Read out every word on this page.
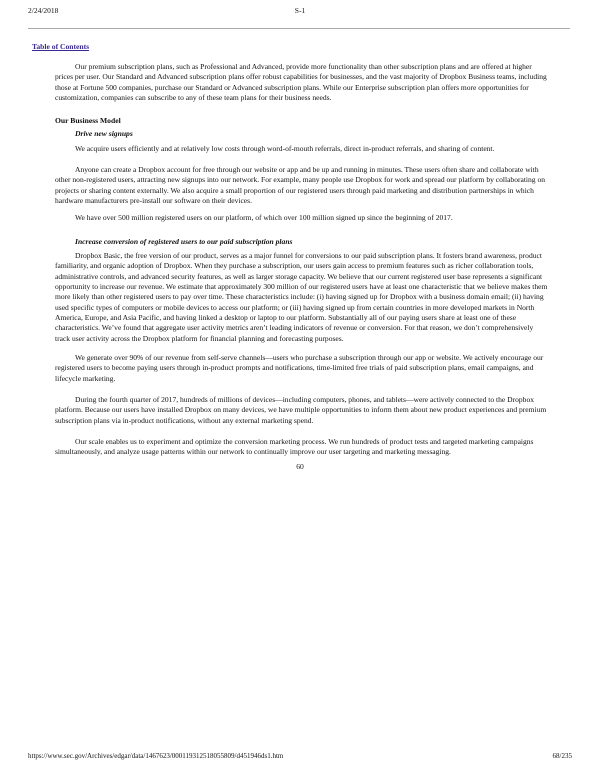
2/24/2018	S-1
Table of Contents
Our premium subscription plans, such as Professional and Advanced, provide more functionality than other subscription plans and are offered at higher prices per user. Our Standard and Advanced subscription plans offer robust capabilities for businesses, and the vast majority of Dropbox Business teams, including those at Fortune 500 companies, purchase our Standard or Advanced subscription plans. While our Enterprise subscription plan offers more opportunities for customization, companies can subscribe to any of these team plans for their business needs.
Our Business Model
Drive new signups
We acquire users efficiently and at relatively low costs through word-of-mouth referrals, direct in-product referrals, and sharing of content.
Anyone can create a Dropbox account for free through our website or app and be up and running in minutes. These users often share and collaborate with other non-registered users, attracting new signups into our network. For example, many people use Dropbox for work and spread our platform by collaborating on projects or sharing content externally. We also acquire a small proportion of our registered users through paid marketing and distribution partnerships in which hardware manufacturers pre-install our software on their devices.
We have over 500 million registered users on our platform, of which over 100 million signed up since the beginning of 2017.
Increase conversion of registered users to our paid subscription plans
Dropbox Basic, the free version of our product, serves as a major funnel for conversions to our paid subscription plans. It fosters brand awareness, product familiarity, and organic adoption of Dropbox. When they purchase a subscription, our users gain access to premium features such as richer collaboration tools, administrative controls, and advanced security features, as well as larger storage capacity. We believe that our current registered user base represents a significant opportunity to increase our revenue. We estimate that approximately 300 million of our registered users have at least one characteristic that we believe makes them more likely than other registered users to pay over time. These characteristics include: (i) having signed up for Dropbox with a business domain email; (ii) having used specific types of computers or mobile devices to access our platform; or (iii) having signed up from certain countries in more developed markets in North America, Europe, and Asia Pacific, and having linked a desktop or laptop to our platform. Substantially all of our paying users share at least one of these characteristics. We’ve found that aggregate user activity metrics aren’t leading indicators of revenue or conversion. For that reason, we don’t comprehensively track user activity across the Dropbox platform for financial planning and forecasting purposes.
We generate over 90% of our revenue from self-serve channels—users who purchase a subscription through our app or website. We actively encourage our registered users to become paying users through in-product prompts and notifications, time-limited free trials of paid subscription plans, email campaigns, and lifecycle marketing.
During the fourth quarter of 2017, hundreds of millions of devices—including computers, phones, and tablets—were actively connected to the Dropbox platform. Because our users have installed Dropbox on many devices, we have multiple opportunities to inform them about new product experiences and premium subscription plans via in-product notifications, without any external marketing spend.
Our scale enables us to experiment and optimize the conversion marketing process. We run hundreds of product tests and targeted marketing campaigns simultaneously, and analyze usage patterns within our network to continually improve our user targeting and marketing messaging.
60
https://www.sec.gov/Archives/edgar/data/1467623/000119312518055809/d451946ds1.htm	68/235
